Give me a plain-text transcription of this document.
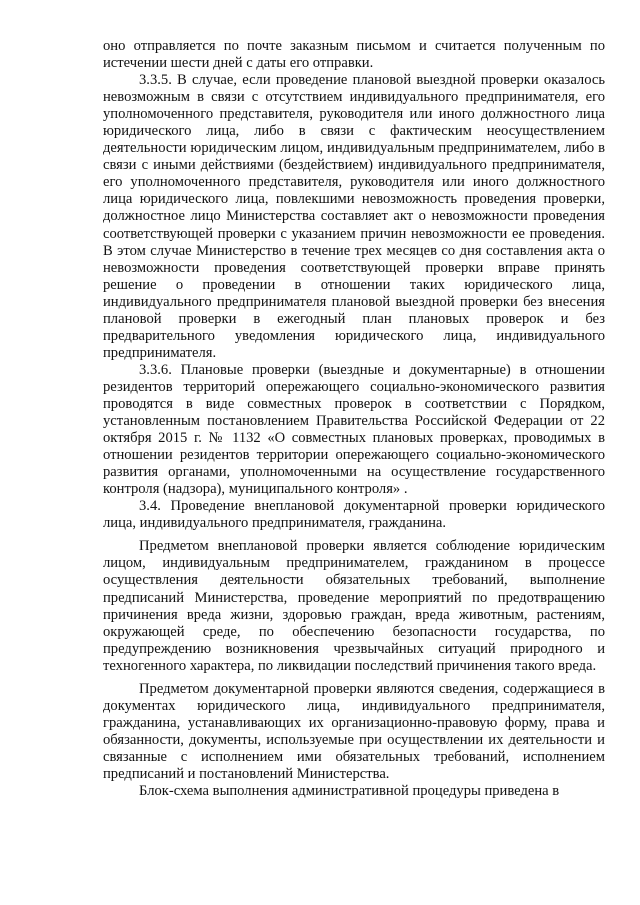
оно отправляется по почте заказным письмом и считается полученным по истечении шести дней с даты его отправки.

3.3.5. В случае, если проведение плановой выездной проверки оказалось невозможным в связи с отсутствием индивидуального предпринимателя, его уполномоченного представителя, руководителя или иного должностного лица юридического лица, либо в связи с фактическим неосуществлением деятельности юридическим лицом, индивидуальным предпринимателем, либо в связи с иными действиями (бездействием) индивидуального предпринимателя, его уполномоченного представителя, руководителя или иного должностного лица юридического лица, повлекшими невозможность проведения проверки, должностное лицо Министерства составляет акт о невозможности проведения соответствующей проверки с указанием причин невозможности ее проведения. В этом случае Министерство в течение трех месяцев со дня составления акта о невозможности проведения соответствующей проверки вправе принять решение о проведении в отношении таких юридического лица, индивидуального предпринимателя плановой выездной проверки без внесения плановой проверки в ежегодный план плановых проверок и без предварительного уведомления юридического лица, индивидуального предпринимателя.

3.3.6. Плановые проверки (выездные и документарные) в отношении резидентов территорий опережающего социально-экономического развития проводятся в виде совместных проверок в соответствии с Порядком, установленным постановлением Правительства Российской Федерации от 22 октября 2015 г. № 1132 «О совместных плановых проверках, проводимых в отношении резидентов территории опережающего социально-экономического развития органами, уполномоченными на осуществление государственного контроля (надзора), муниципального контроля» .

3.4. Проведение внеплановой документарной проверки юридического лица, индивидуального предпринимателя, гражданина.

Предметом внеплановой проверки является соблюдение юридическим лицом, индивидуальным предпринимателем, гражданином в процессе осуществления деятельности обязательных требований, выполнение предписаний Министерства, проведение мероприятий по предотвращению причинения вреда жизни, здоровью граждан, вреда животным, растениям, окружающей среде, по обеспечению безопасности государства, по предупреждению возникновения чрезвычайных ситуаций природного и техногенного характера, по ликвидации последствий причинения такого вреда.

Предметом документарной проверки являются сведения, содержащиеся в документах юридического лица, индивидуального предпринимателя, гражданина, устанавливающих их организационно-правовую форму, права и обязанности, документы, используемые при осуществлении их деятельности и связанные с исполнением ими обязательных требований, исполнением предписаний и постановлений Министерства.

Блок-схема выполнения административной процедуры приведена в
